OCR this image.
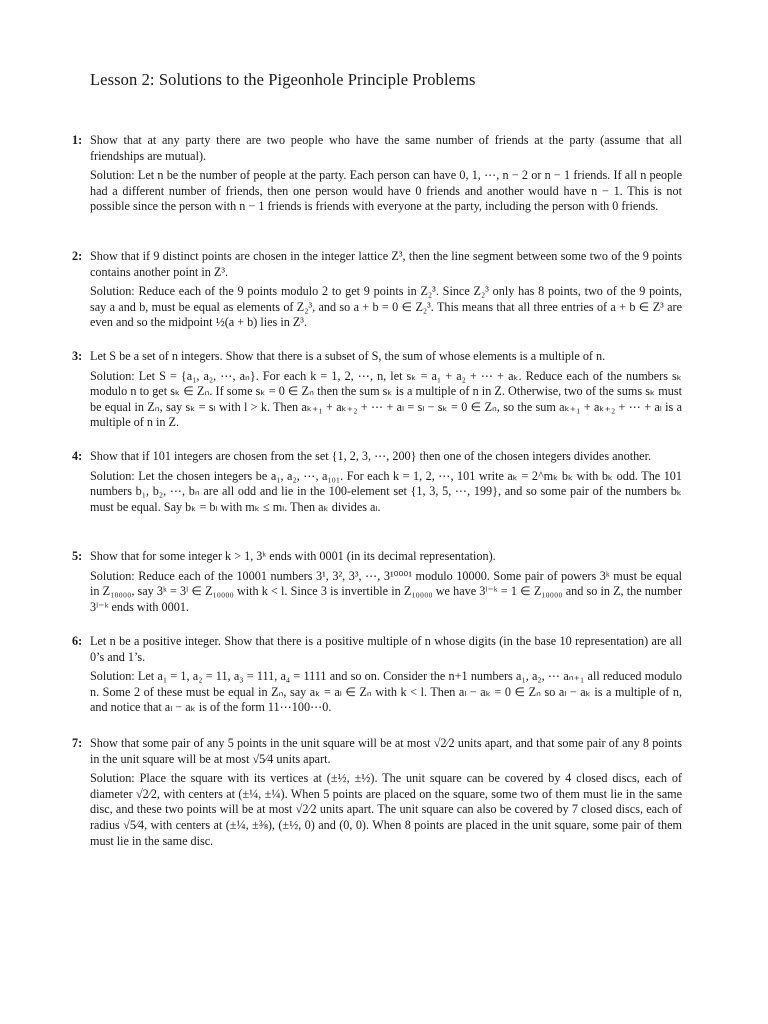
Lesson 2: Solutions to the Pigeonhole Principle Problems
1: Show that at any party there are two people who have the same number of friends at the party (assume that all friendships are mutual).
Solution: Let n be the number of people at the party. Each person can have 0, 1, ⋯, n − 2 or n − 1 friends. If all n people had a different number of friends, then one person would have 0 friends and another would have n − 1. This is not possible since the person with n − 1 friends is friends with everyone at the party, including the person with 0 friends.
2: Show that if 9 distinct points are chosen in the integer lattice Z³, then the line segment between some two of the 9 points contains another point in Z³.
Solution: Reduce each of the 9 points modulo 2 to get 9 points in Z₂³. Since Z₂³ only has 8 points, two of the 9 points, say a and b, must be equal as elements of Z₂³, and so a + b = 0 ∈ Z₂³. This means that all three entries of a + b ∈ Z³ are even and so the midpoint ½(a + b) lies in Z³.
3: Let S be a set of n integers. Show that there is a subset of S, the sum of whose elements is a multiple of n.
Solution: Let S = {a₁, a₂, ⋯, aₙ}. For each k = 1, 2, ⋯, n, let sₖ = a₁ + a₂ + ⋯ + aₖ. Reduce each of the numbers sₖ modulo n to get sₖ ∈ Zₙ. If some sₖ = 0 ∈ Zₙ then the sum sₖ is a multiple of n in Z. Otherwise, two of the sums sₖ must be equal in Zₙ, say sₖ = sₗ with l > k. Then aₖ₊₁ + aₖ₊₂ + ⋯ + aₗ = sₗ − sₖ = 0 ∈ Zₙ, so the sum aₖ₊₁ + aₖ₊₂ + ⋯ + aₗ is a multiple of n in Z.
4: Show that if 101 integers are chosen from the set {1, 2, 3, ⋯, 200} then one of the chosen integers divides another.
Solution: Let the chosen integers be a₁, a₂, ⋯, a₁₀₁. For each k = 1, 2, ⋯, 101 write aₖ = 2^mₖ bₖ with bₖ odd. The 101 numbers b₁, b₂, ⋯, bₙ are all odd and lie in the 100-element set {1, 3, 5, ⋯, 199}, and so some pair of the numbers bₖ must be equal. Say bₖ = bₗ with mₖ ≤ mₗ. Then aₖ divides aₗ.
5: Show that for some integer k > 1, 3ᵏ ends with 0001 (in its decimal representation).
Solution: Reduce each of the 10001 numbers 3¹, 3², 3³, ⋯, 3¹⁰⁰⁰¹ modulo 10000. Some pair of powers 3ᵏ must be equal in Z₁₀₀₀₀, say 3ᵏ = 3ˡ ∈ Z₁₀₀₀₀ with k < l. Since 3 is invertible in Z₁₀₀₀₀ we have 3ˡ⁻ᵏ = 1 ∈ Z₁₀₀₀₀ and so in Z, the number 3ˡ⁻ᵏ ends with 0001.
6: Let n be a positive integer. Show that there is a positive multiple of n whose digits (in the base 10 representation) are all 0’s and 1’s.
Solution: Let a₁ = 1, a₂ = 11, a₃ = 111, a₄ = 1111 and so on. Consider the n+1 numbers a₁, a₂, ⋯ aₙ₊₁ all reduced modulo n. Some 2 of these must be equal in Zₙ, say aₖ = aₗ ∈ Zₙ with k < l. Then aₗ − aₖ = 0 ∈ Zₙ so aₗ − aₖ is a multiple of n, and notice that aₗ − aₖ is of the form 11⋯100⋯0.
7: Show that some pair of any 5 points in the unit square will be at most √2⁄2 units apart, and that some pair of any 8 points in the unit square will be at most √5⁄4 units apart.
Solution: Place the square with its vertices at (±½, ±½). The unit square can be covered by 4 closed discs, each of diameter √2⁄2, with centers at (±¼, ±¼). When 5 points are placed on the square, some two of them must lie in the same disc, and these two points will be at most √2⁄2 units apart. The unit square can also be covered by 7 closed discs, each of radius √5⁄4, with centers at (±¼, ±⅜), (±½, 0) and (0, 0). When 8 points are placed in the unit square, some pair of them must lie in the same disc.
